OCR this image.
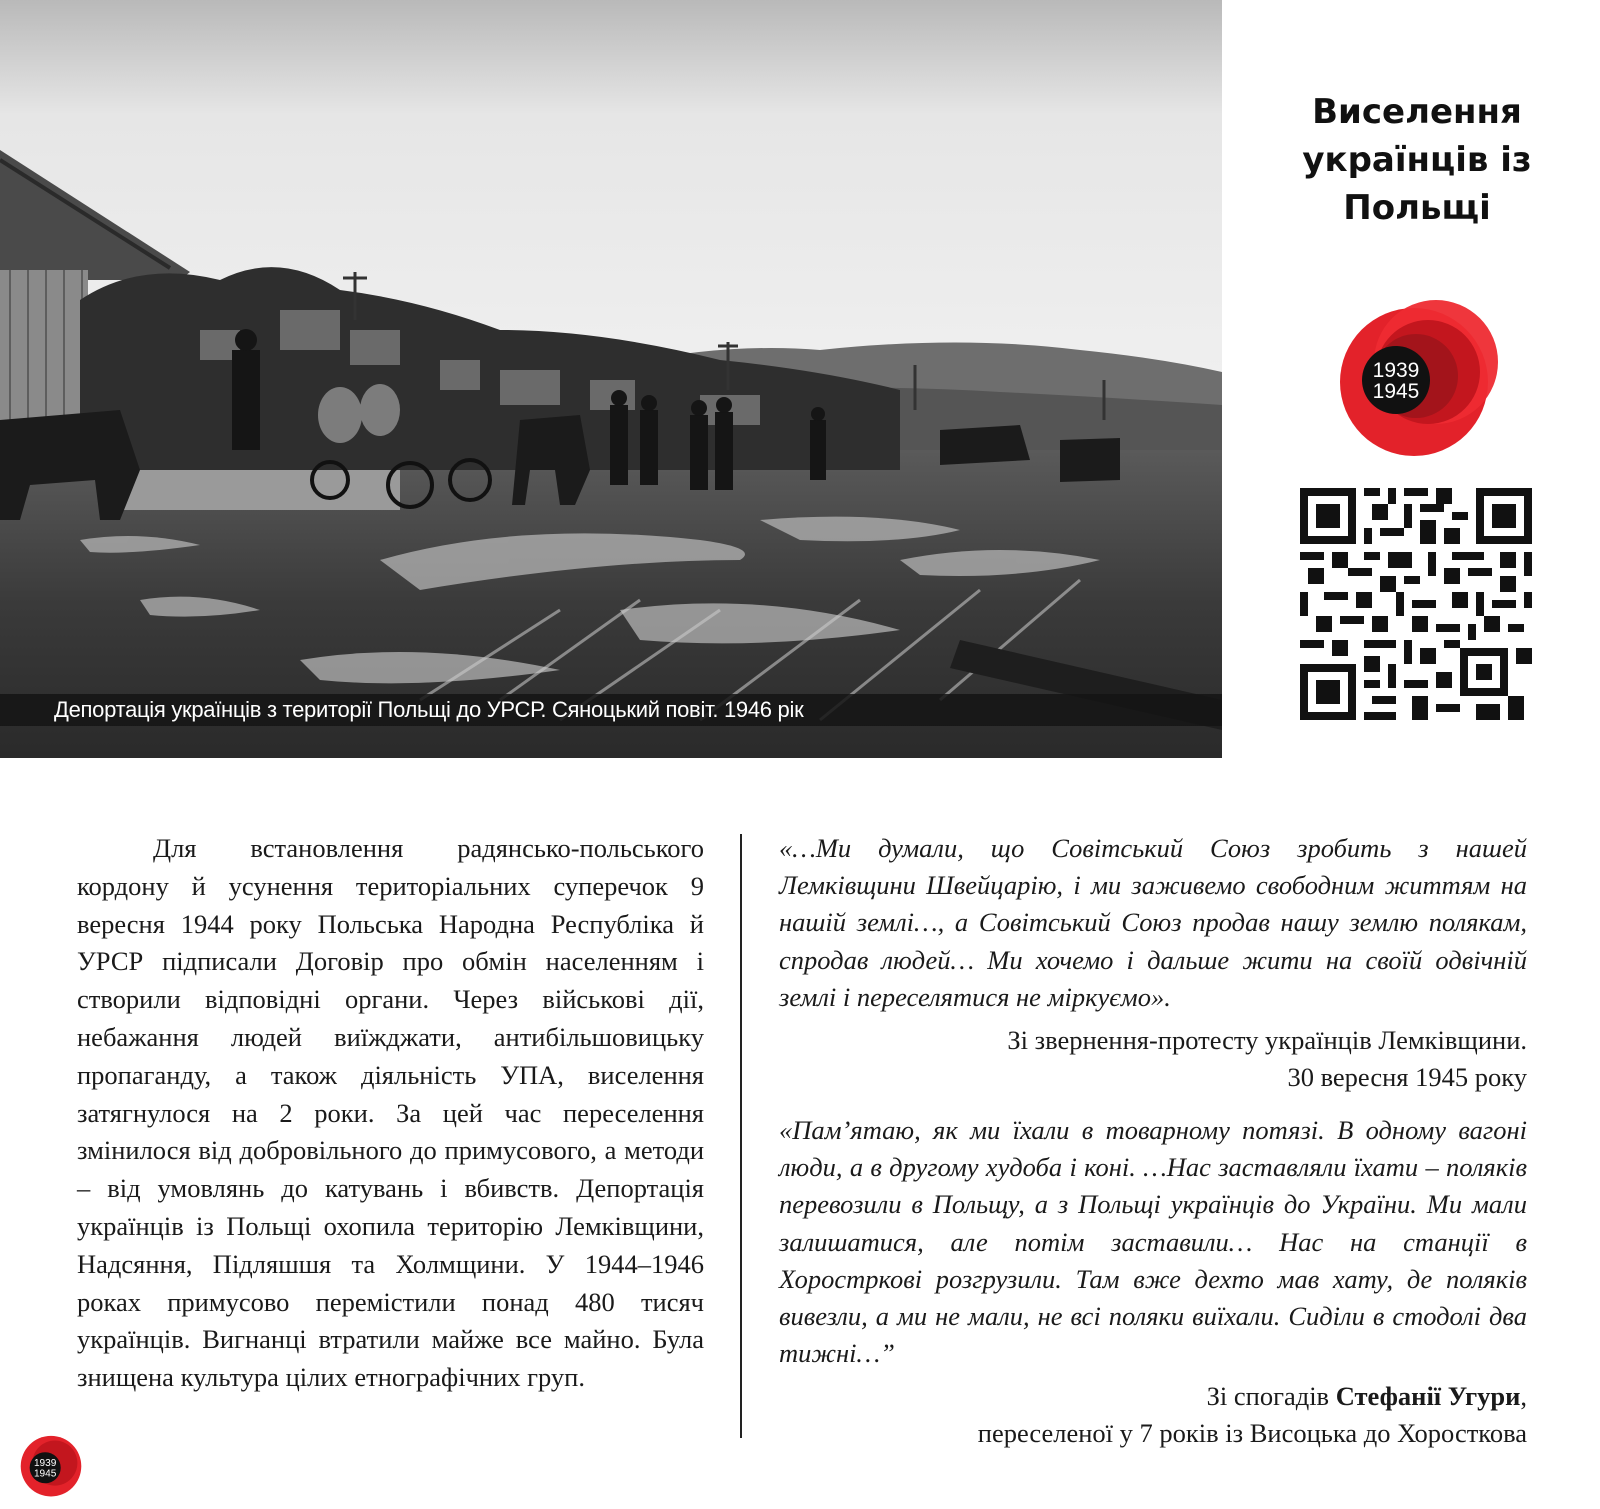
Депортація українців з території Польщі до УРСР. Сяноцький повіт. 1946 рік
Виселення
українців із
Польщі
1939
1945

Для встановлення радянсько-польського кордону й усунення територіальних суперечок 9 вересня 1944 року Польська Народна Республіка й УРСР підписали Договір про обмін населенням і створили відповідні органи. Через військові дії, небажання людей виїжджати, антибільшовицьку пропаганду, а також діяльність УПА, виселення затягнулося на 2 роки. За цей час переселення змінилося від добровільного до примусового, а методи – від умовлянь до катувань і вбивств. Депортація українців із Польщі охопила територію Лемківщини, Надсяння, Підляшшя та Холмщини. У 1944–1946 роках примусово перемістили понад 480 тисяч українців. Вигнанці втратили майже все майно. Була знищена культура цілих етнографічних груп.

«…Ми думали, що Совітський Союз зробить з нашей Лемківщини Швейцарію, і ми заживемо свободним життям на нашій землі…, а Совітський Союз продав нашу землю полякам, спродав людей… Ми хочемо і дальше жити на своїй одвічній землі і переселятися не міркуємо».

Зі звернення-протесту українців Лемківщини.
30 вересня 1945 року

«Пам’ятаю, як ми їхали в товарному потязі. В одному вагоні люди, а в другому худоба і коні. …Нас заставляли їхати – поляків перевозили в Польщу, а з Польщі українців до України. Ми мали залишатися, але потім заставили… Нас на станції в Хоростркові розгрузили. Там вже дехто мав хату, де поляків вивезли, а ми не мали, не всі поляки виїхали. Сиділи в стодолі два тижні…”

Зі спогадів Стефанії Угури,
переселеної у 7 років із Висоцька до Хоросткова
1939
1945
